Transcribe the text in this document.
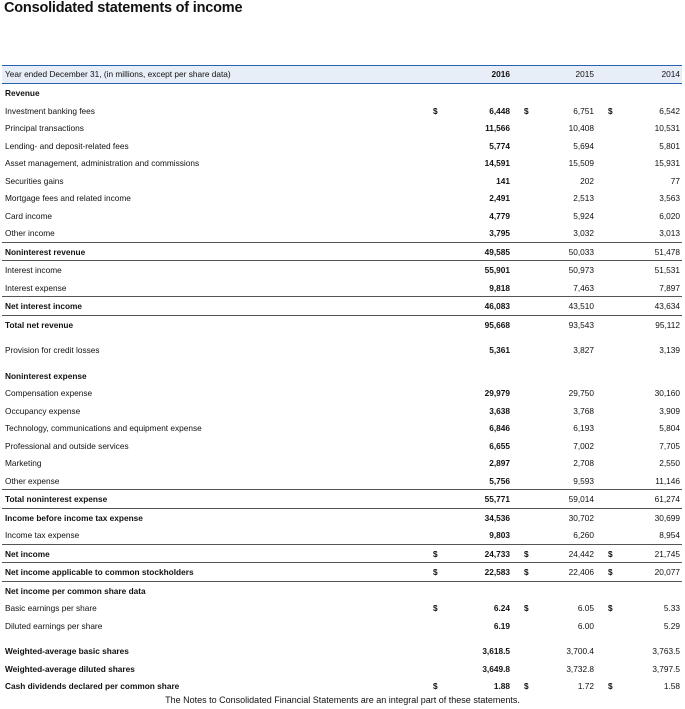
Consolidated statements of income
Year ended December 31, (in millions, except per share data)	2016	2015	2014
Revenue
Investment banking fees	$	6,448 $	6,751 $	6,542
Principal transactions	11,566	10,408	10,531
Lending- and deposit-related fees	5,774	5,694	5,801
Asset management, administration and commissions	14,591	15,509	15,931
Securities gains	141	202	77
Mortgage fees and related income	2,491	2,513	3,563
Card income	4,779	5,924	6,020
Other income	3,795	3,032	3,013
Noninterest revenue	49,585	50,033	51,478
Interest income	55,901	50,973	51,531
Interest expense	9,818	7,463	7,897
Net interest income	46,083	43,510	43,634
Total net revenue	95,668	93,543	95,112
Provision for credit losses	5,361	3,827	3,139
Noninterest expense
Compensation expense	29,979	29,750	30,160
Occupancy expense	3,638	3,768	3,909
Technology, communications and equipment expense	6,846	6,193	5,804
Professional and outside services	6,655	7,002	7,705
Marketing	2,897	2,708	2,550
Other expense	5,756	9,593	11,146
Total noninterest expense	55,771	59,014	61,274
Income before income tax expense	34,536	30,702	30,699
Income tax expense	9,803	6,260	8,954
Net income	$	24,733 $	24,442 $	21,745
Net income applicable to common stockholders	$	22,583 $	22,406 $	20,077
Net income per common share data
Basic earnings per share	$	6.24 $	6.05 $	5.33
Diluted earnings per share	6.19	6.00	5.29
Weighted-average basic shares	3,618.5	3,700.4	3,763.5
Weighted-average diluted shares	3,649.8	3,732.8	3,797.5
Cash dividends declared per common share	$	1.88 $	1.72 $	1.58
The Notes to Consolidated Financial Statements are an integral part of these statements.
